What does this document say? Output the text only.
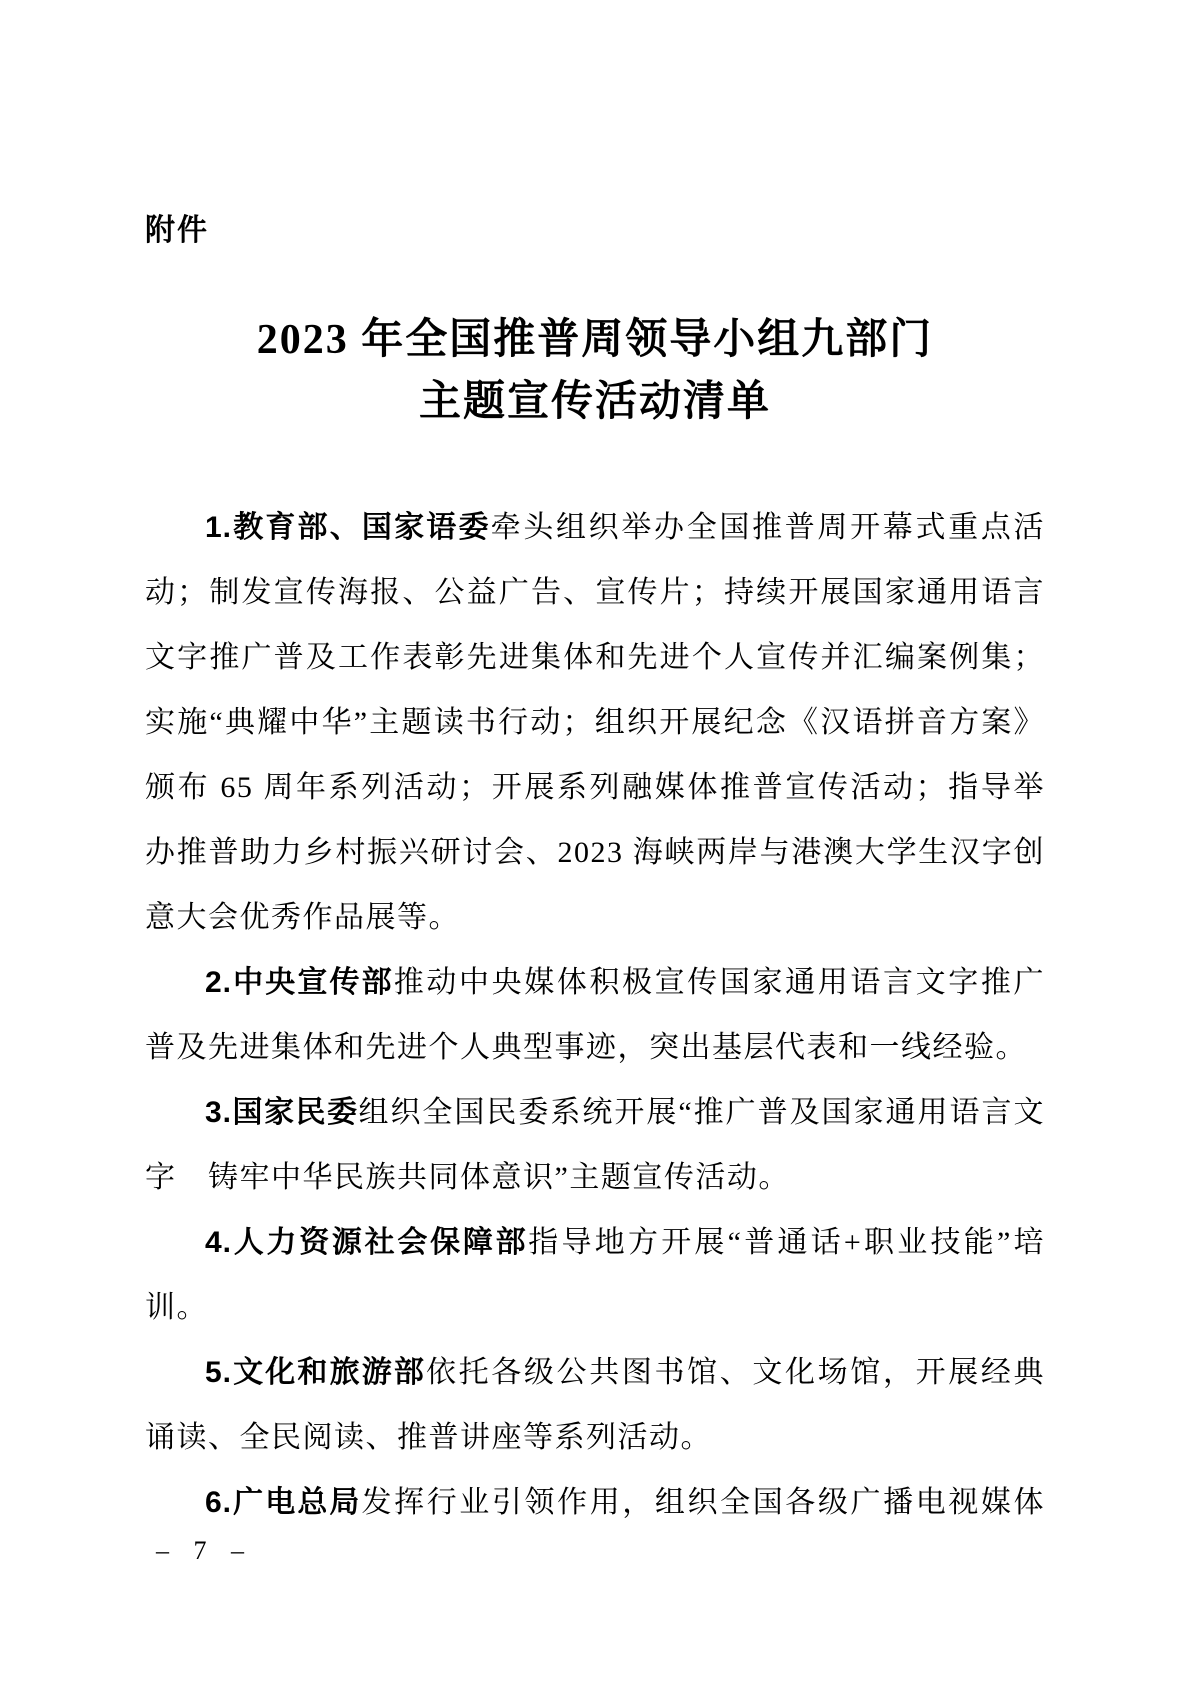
附件
2023 年全国推普周领导小组九部门
主题宣传活动清单

1.教育部、国家语委牵头组织举办全国推普周开幕式重点活动；制发宣传海报、公益广告、宣传片；持续开展国家通用语言文字推广普及工作表彰先进集体和先进个人宣传并汇编案例集；实施“典耀中华”主题读书行动；组织开展纪念《汉语拼音方案》颁布 65 周年系列活动；开展系列融媒体推普宣传活动；指导举办推普助力乡村振兴研讨会、2023 海峡两岸与港澳大学生汉字创意大会优秀作品展等。

2.中央宣传部推动中央媒体积极宣传国家通用语言文字推广普及先进集体和先进个人典型事迹，突出基层代表和一线经验。

3.国家民委组织全国民委系统开展“推广普及国家通用语言文字　铸牢中华民族共同体意识”主题宣传活动。

4.人力资源社会保障部指导地方开展“普通话+职业技能”培训。

5.文化和旅游部依托各级公共图书馆、文化场馆，开展经典诵读、全民阅读、推普讲座等系列活动。

6.广电总局发挥行业引领作用，组织全国各级广播电视媒体

– 7 –
